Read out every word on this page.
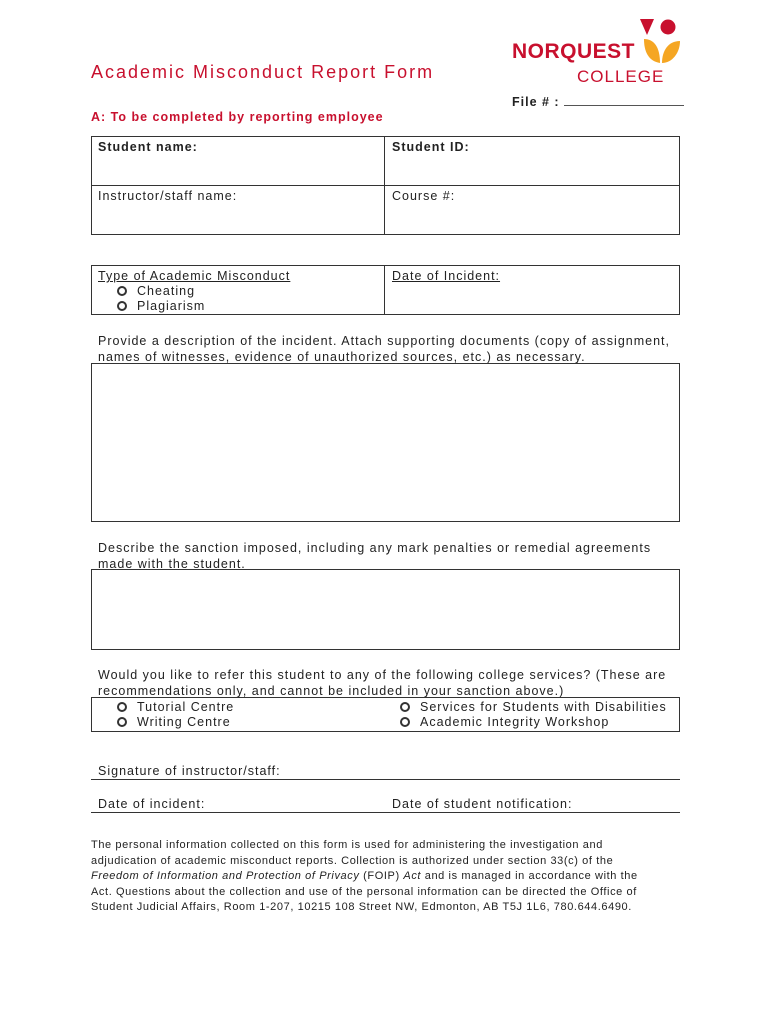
NORQUEST
COLLEGE
Academic Misconduct Report Form
File # :
A: To be completed by reporting employee
Student name:	Student ID:
Instructor/staff name:	Course #:
Type of Academic Misconduct
Cheating
Plagiarism
Date of Incident:
Provide a description of the incident. Attach supporting documents (copy of assignment,
names of witnesses, evidence of unauthorized sources, etc.) as necessary.
Describe the sanction imposed, including any mark penalties or remedial agreements
made with the student.
Would you like to refer this student to any of the following college services? (These are
recommendations only, and cannot be included in your sanction above.)
Tutorial Centre
Writing Centre
Services for Students with Disabilities
Academic Integrity Workshop
Signature of instructor/staff:
Date of incident:	Date of student notification:
The personal information collected on this form is used for administering the investigation and
adjudication of academic misconduct reports. Collection is authorized under section 33(c) of the
Freedom of Information and Protection of Privacy (FOIP) Act and is managed in accordance with the
Act. Questions about the collection and use of the personal information can be directed the Office of
Student Judicial Affairs, Room 1-207, 10215 108 Street NW, Edmonton, AB T5J 1L6, 780.644.6490.
